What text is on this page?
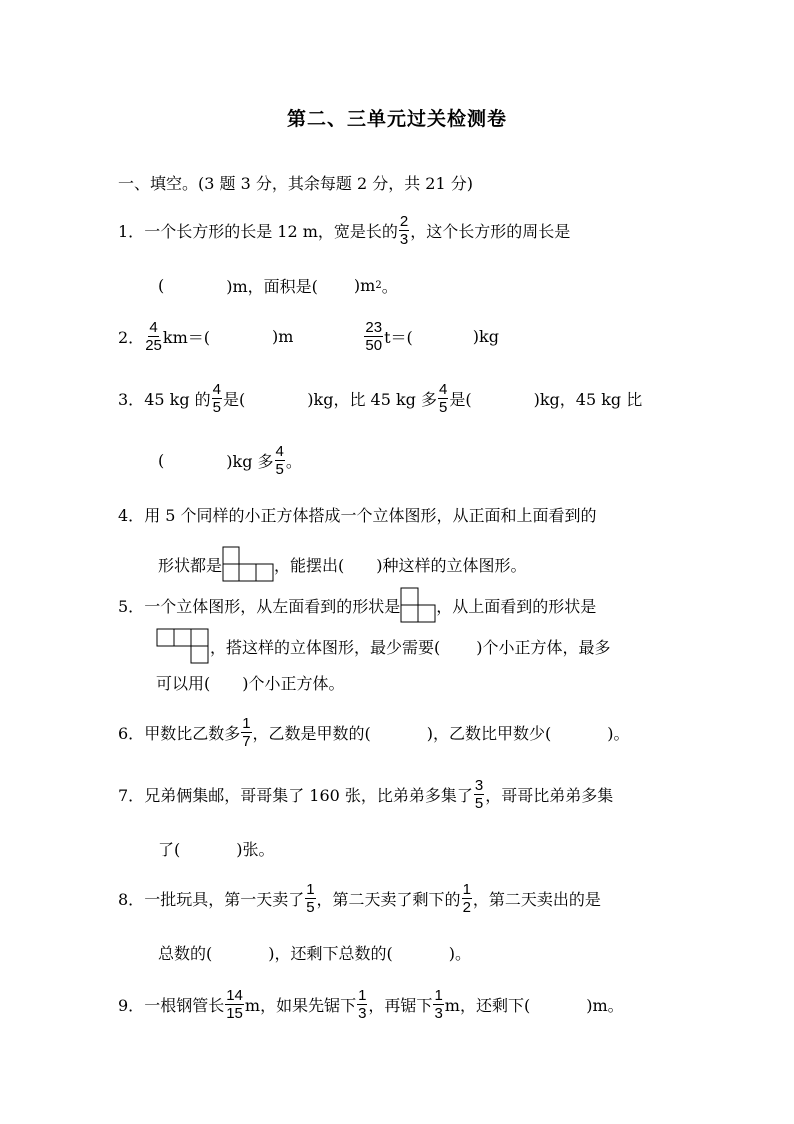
第二、三单元过关检测卷
一、填空。(3 题 3 分，其余每题 2 分，共 21 分)
1． 一个长方形的长是 12 m，宽是长的 $\frac{2}{3}$ ，这个长方形的周长是
(	)m，面积是( )m 2 。
2． $\frac{4}{25} km=$(	)m	$\frac{23}{50} t=$(	)kg
3． 45 kg 的 $\frac{4}{5}$ 是(	)kg，比 45 kg 多 $\frac{4}{5}$ 是(	)kg，45 kg 比
(	)kg 多 $\frac{4}{5}$ 。
4． 用 5 个同样的小正方体搭成一个立体图形，从正面和上面看到的
形状都是	，能摆出( )种这样的立体图形。
5． 一个立体图形，从左面看到的形状是 ，从上面看到的形状是
，搭这样的立体图形，最少需要( )个小正方体，最多
可以用( )个小正方体。
6． 甲数比乙数多 $\frac{1}{7}$ ，乙数是甲数的(	)，乙数比甲数少(	)。
7． 兄弟俩集邮，哥哥集了 160 张，比弟弟多集了 $\frac{3}{5}$ ，哥哥比弟弟多集
了(	)张。
8． 一批玩具，第一天卖了 $\frac{1}{5}$ ，第二天卖了剩下的 $\frac{1}{2}$ ，第二天卖出的是
总数的(	)，还剩下总数的(	)。
9． 一根钢管长 $\frac{14}{15}$ m，如果先锯下 $\frac{1}{3}$ ，再锯下 $\frac{1}{3}$ m，还剩下(	)m。
